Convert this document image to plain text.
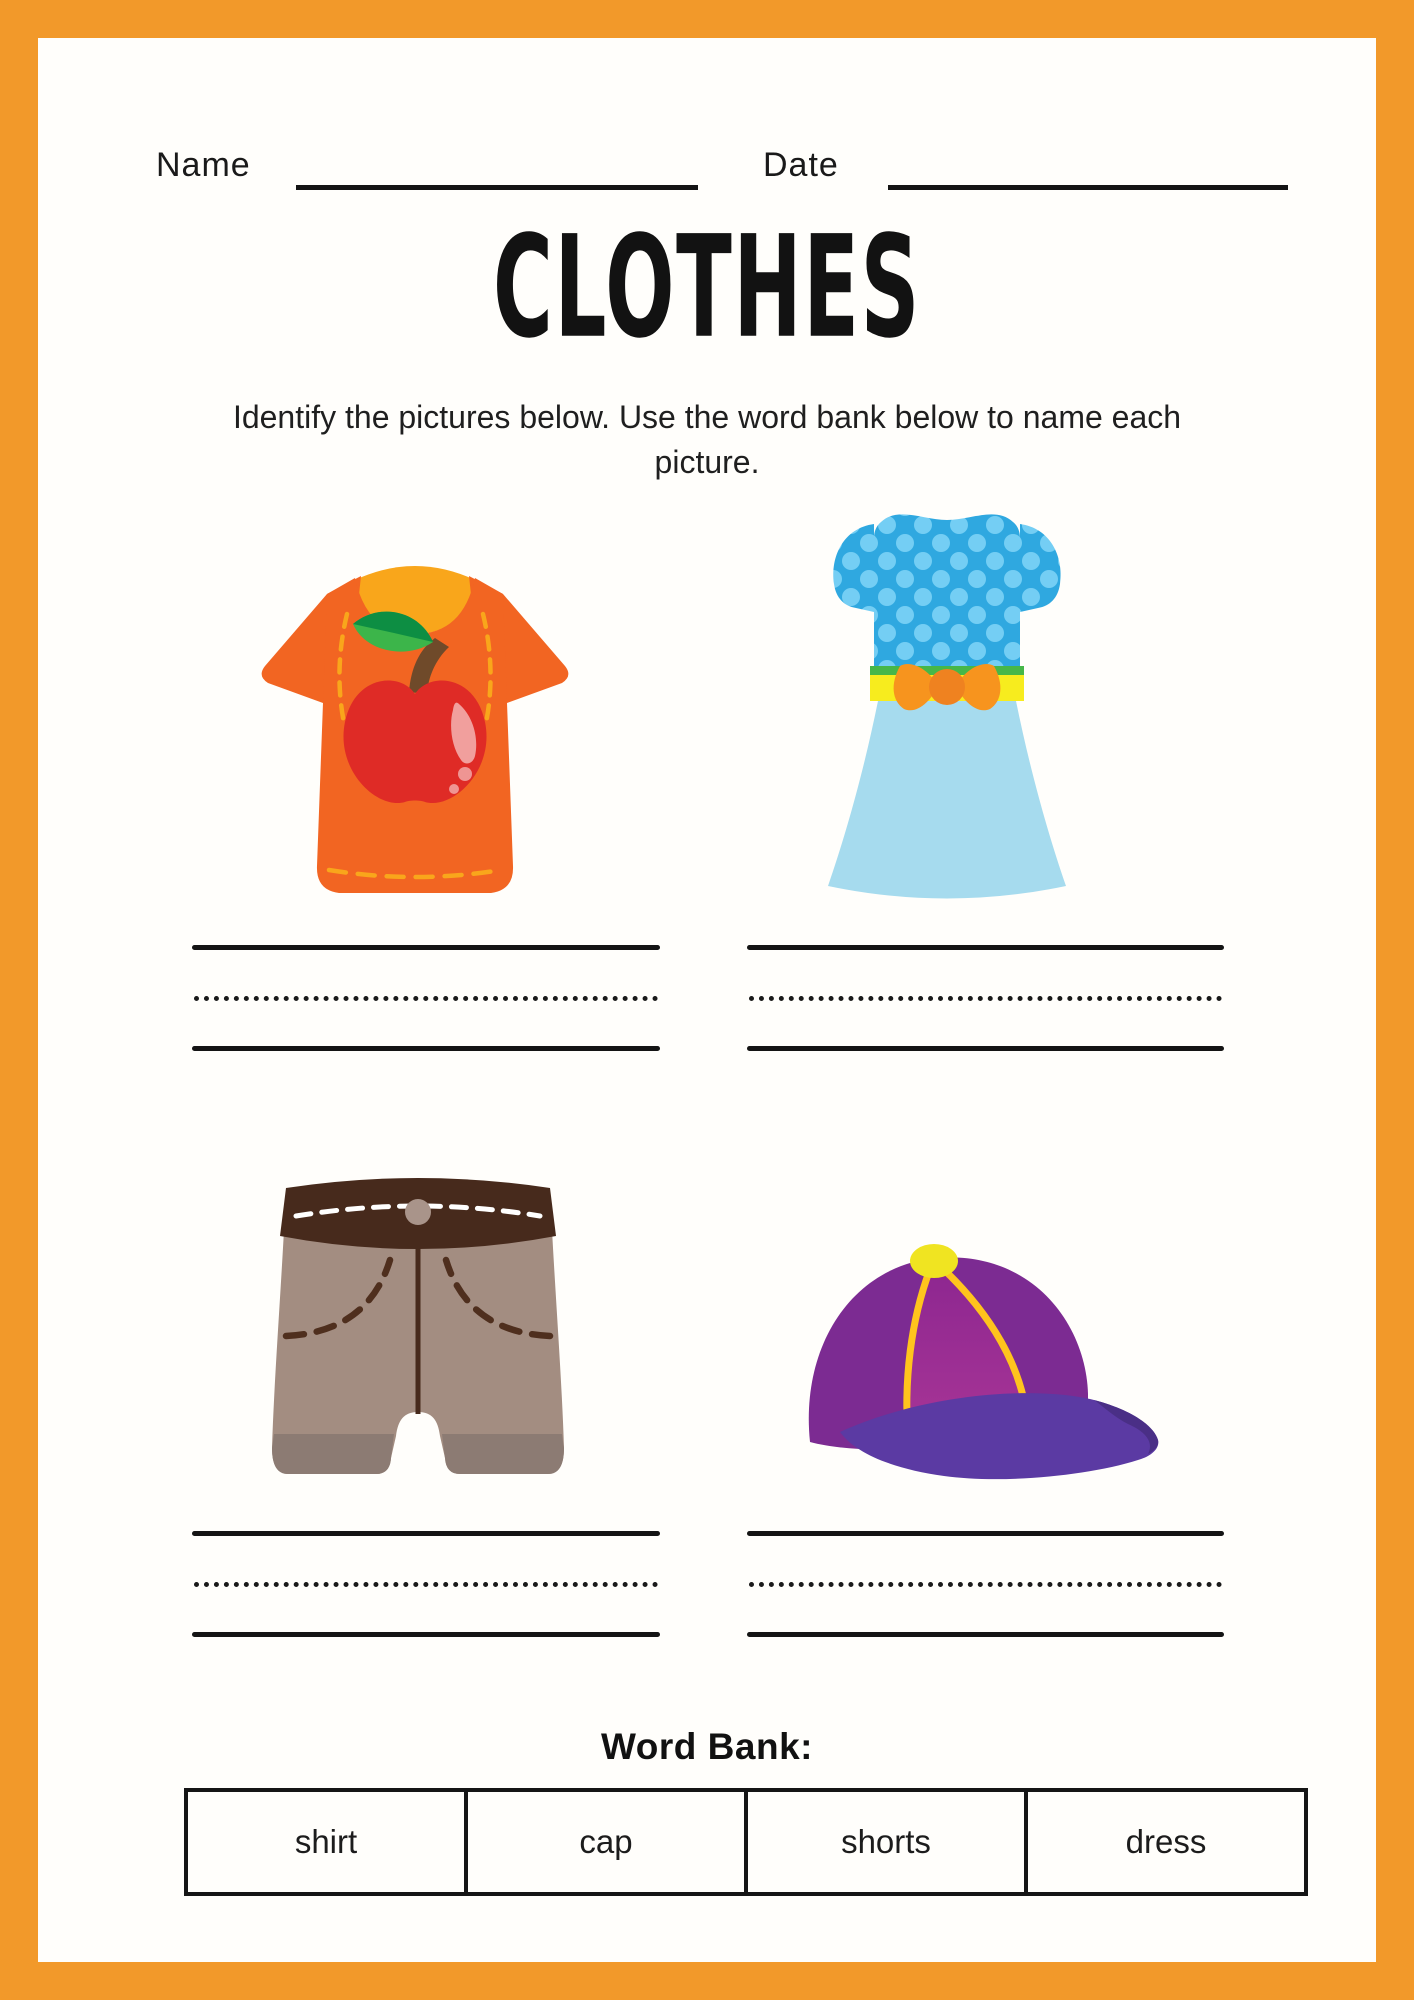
Name	Date
CLOTHES
Identify the pictures below. Use the word bank below to name each picture.
Word Bank:
shirt	cap	shorts	dress
